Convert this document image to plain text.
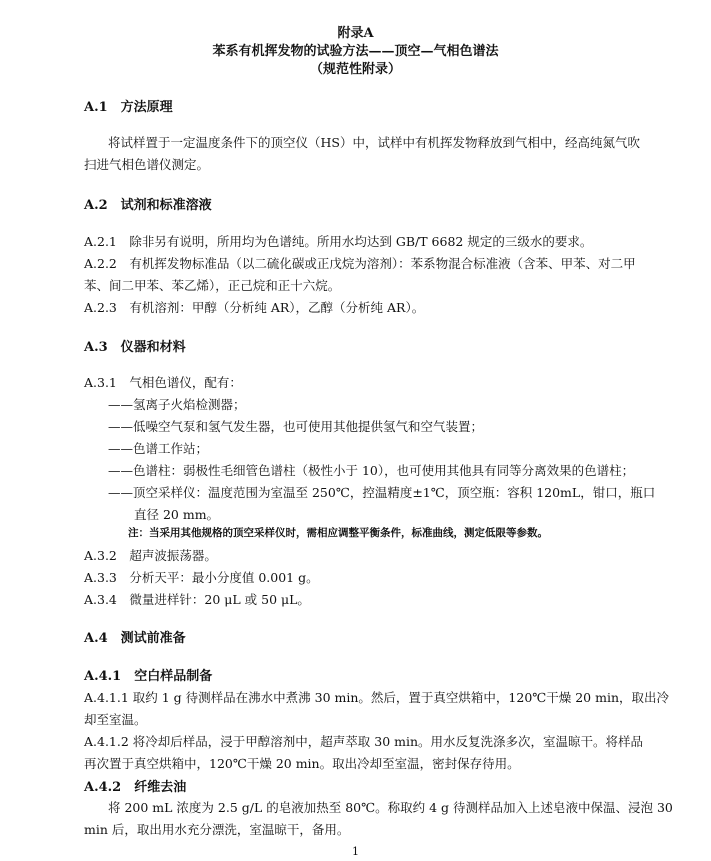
附录A
苯系有机挥发物的试验方法——顶空—气相色谱法
（规范性附录）
A.1　方法原理
将试样置于一定温度条件下的顶空仪（HS）中，试样中有机挥发物释放到气相中，经高纯氮气吹
扫进气相色谱仪测定。
A.2　试剂和标准溶液
A.2.1　除非另有说明，所用均为色谱纯。所用水均达到 GB/T 6682 规定的三级水的要求。
A.2.2　有机挥发物标准品（以二硫化碳或正戊烷为溶剂）：苯系物混合标准液（含苯、甲苯、对二甲
苯、间二甲苯、苯乙烯），正己烷和正十六烷。
A.2.3　有机溶剂：甲醇（分析纯 AR），乙醇（分析纯 AR）。
A.3　仪器和材料
A.3.1　气相色谱仪，配有：
——氢离子火焰检测器；
——低噪空气泵和氢气发生器，也可使用其他提供氢气和空气装置；
——色谱工作站；
——色谱柱：弱极性毛细管色谱柱（极性小于 10），也可使用其他具有同等分离效果的色谱柱；
——顶空采样仪：温度范围为室温至 250℃，控温精度±1℃，顶空瓶：容积 120mL，钳口，瓶口
直径 20 mm。
注：当采用其他规格的顶空采样仪时，需相应调整平衡条件，标准曲线，测定低限等参数。
A.3.2　超声波振荡器。
A.3.3　分析天平：最小分度值 0.001 g。
A.3.4　微量进样针：20 μL 或 50 μL。
A.4　测试前准备
A.4.1　空白样品制备
A.4.1.1 取约 1 g 待测样品在沸水中煮沸 30 min。然后，置于真空烘箱中，120℃干燥 20 min，取出冷
却至室温。
A.4.1.2 将冷却后样品，浸于甲醇溶剂中，超声萃取 30 min。用水反复洗涤多次，室温晾干。将样品
再次置于真空烘箱中，120℃干燥 20 min。取出冷却至室温，密封保存待用。
A.4.2　纤维去油
将 200 mL 浓度为 2.5 g/L 的皂液加热至 80℃。称取约 4 g 待测样品加入上述皂液中保温、浸泡 30
min 后，取出用水充分漂洗，室温晾干，备用。
1
